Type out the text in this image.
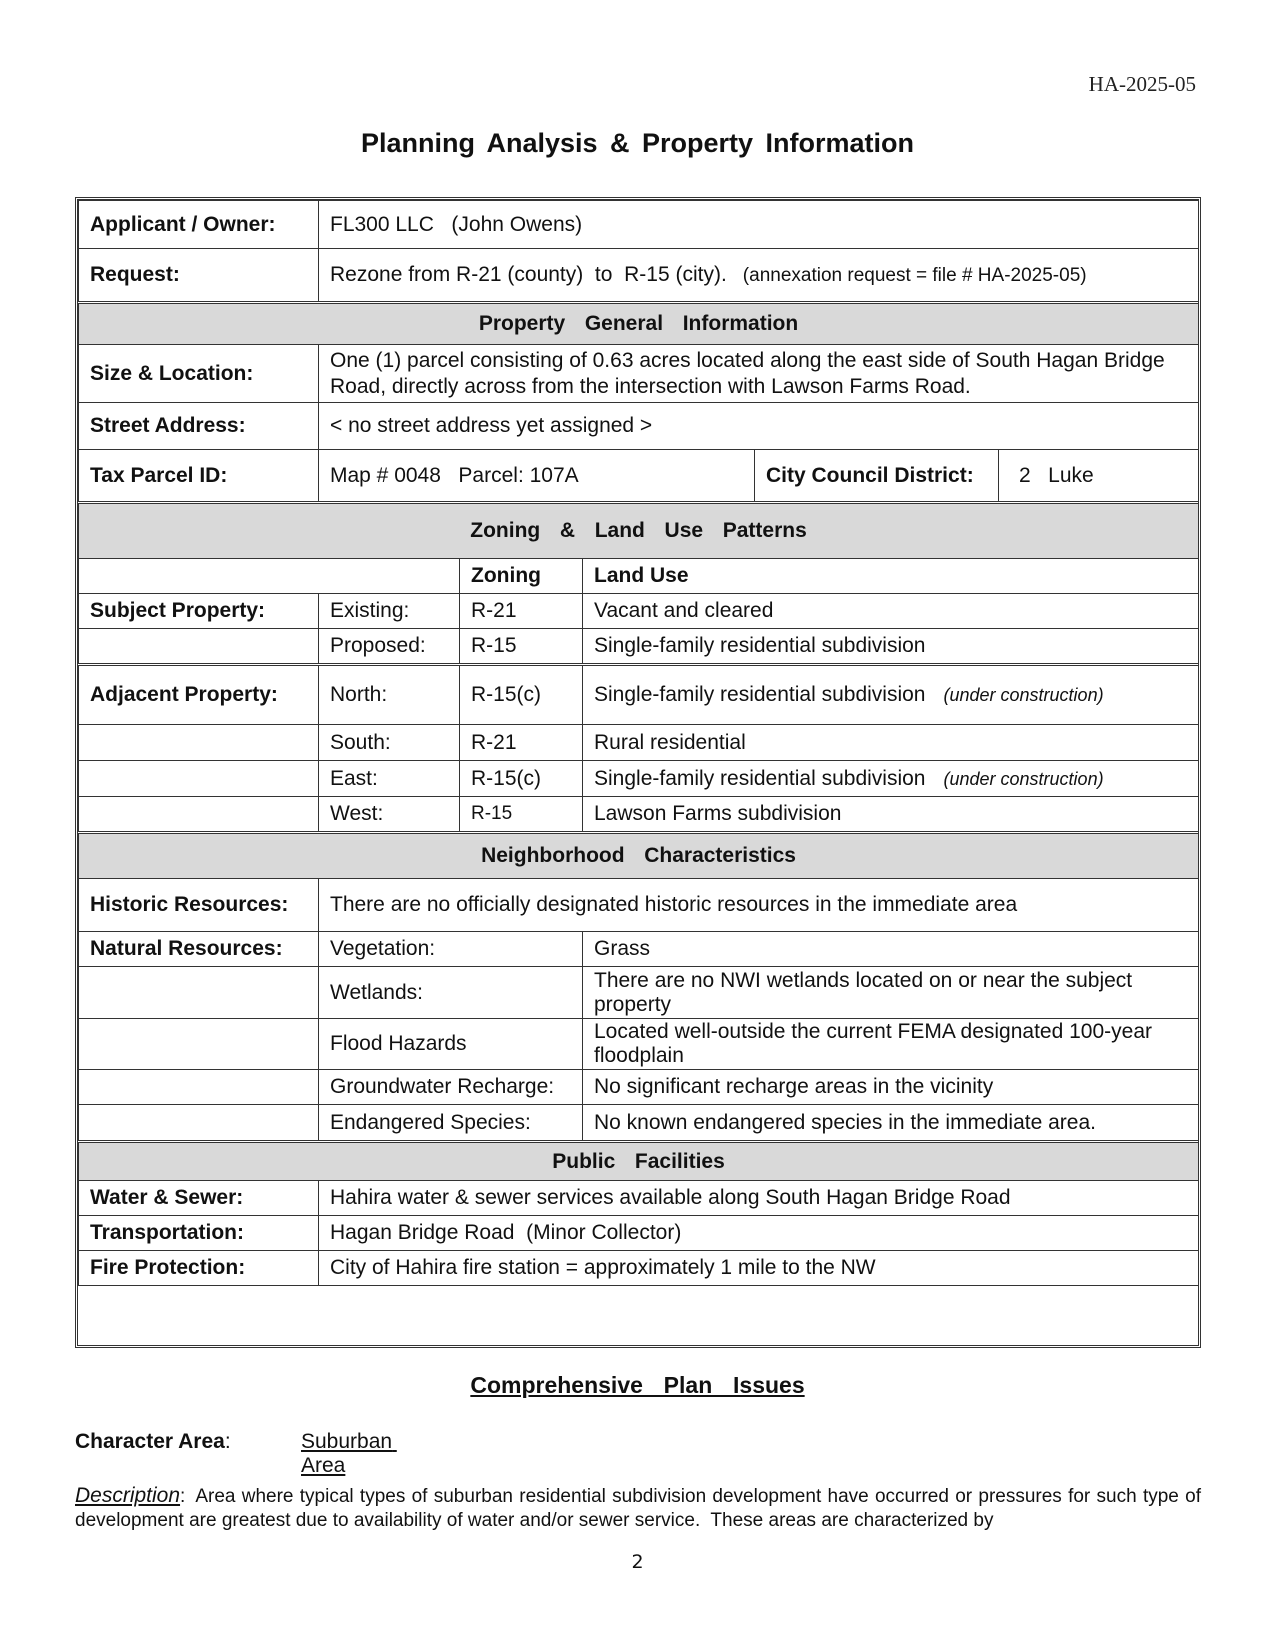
HA-2025-05
Planning Analysis & Property Information
Applicant / Owner:	FL300 LLC   (John Owens)				
Request:	Rezone from R-21 (county)  to  R-15 (city). (annexation request = file # HA-2025-05)				
Property  General  Information					
Size & Location:	One (1) parcel consisting of 0.63 acres located along the east side of South Hagan Bridge Road, directly across from the intersection with Lawson Farms Road.				
Street Address:	< no street address yet assigned >				
Tax Parcel ID:	Map # 0048   Parcel: 107A			City Council District:	2   Luke
Zoning  &  Land  Use  Patterns					
		Zoning	Land Use		
Subject Property:	Existing:	R-21	Vacant and cleared		
	Proposed:	R-15	Single-family residential subdivision		
Adjacent Property:	North:	R-15(c)	Single-family residential subdivision (under construction)		
	South:	R-21	Rural residential		
	East:	R-15(c)	Single-family residential subdivision (under construction)		
	West:	R-15	Lawson Farms subdivision		
Neighborhood  Characteristics					
Historic Resources:	There are no officially designated historic resources in the immediate area				
Natural Resources:	Vegetation:		Grass		
	Wetlands:		There are no NWI wetlands located on or near the subject property		
	Flood Hazards		Located well-outside the current FEMA designated 100-year floodplain		
	Groundwater Recharge:		No significant recharge areas in the vicinity		
	Endangered Species:		No known endangered species in the immediate area.		
Public  Facilities					
Water & Sewer:	Hahira water & sewer services available along South Hagan Bridge Road				
Transportation:	Hagan Bridge Road  (Minor Collector)				
Fire Protection:	City of Hahira fire station = approximately 1 mile to the NW				
Comprehensive  Plan  Issues
Character Area:	Suburban Area
Description: Area where typical types of suburban residential subdivision development have occurred or pressures for such type of development are greatest due to availability of water and/or sewer service.  These areas are characterized by
2
